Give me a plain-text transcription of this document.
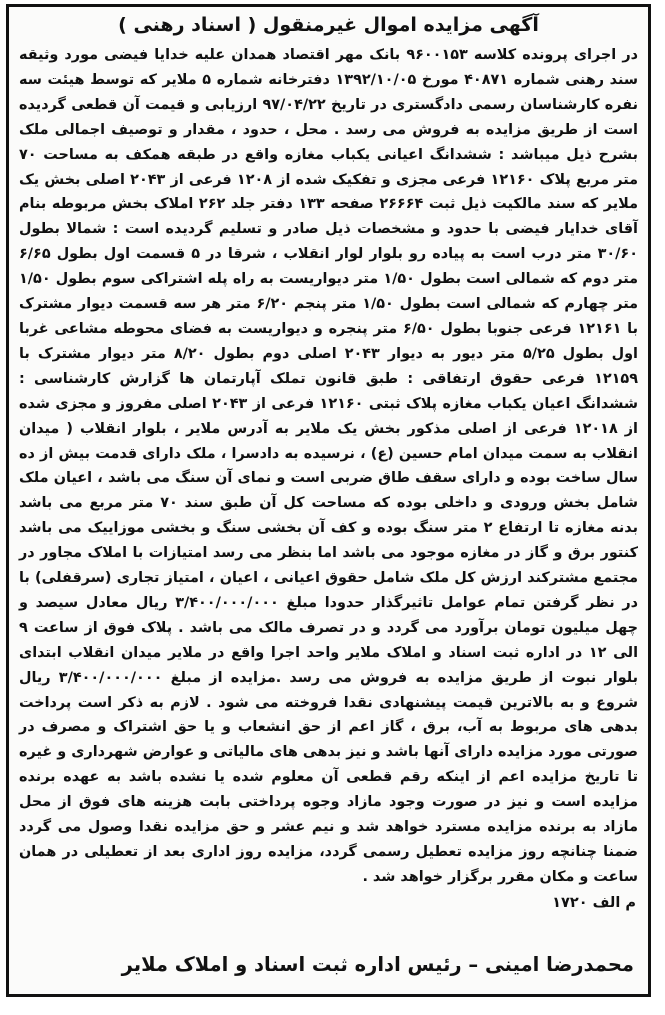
آگهی مزایده اموال غیرمنقول ( اسناد رهنی )
در اجرای پرونده کلاسه ۹۶۰۰۱۵۳ بانک مهر اقتصاد همدان علیه خدایا فیضی مورد وثیقه سند رهنی شماره ۴۰۸۷۱ مورخ ۱۳۹۲/۱۰/۰۵ دفترخانه شماره ۵ ملایر که توسط هیئت سه نفره کارشناسان رسمی دادگستری در تاریخ ۹۷/۰۴/۲۲ ارزیابی و قیمت آن قطعی گردیده است از طریق مزایده به فروش می رسد . محل ، حدود ، مقدار و توصیف اجمالی ملک بشرح ذیل میباشد : ششدانگ اعیانی یکباب مغازه واقع در طبقه همکف به مساحت ۷۰ متر مربع پلاک ۱۲۱۶۰ فرعی مجزی و تفکیک شده از ۱۲۰۸ فرعی از ۲۰۴۳ اصلی بخش یک ملایر که سند مالکیت ذیل ثبت ۲۶۶۶۴ صفحه ۱۳۳ دفتر جلد ۲۶۲ املاک بخش مربوطه بنام آقای خدایار فیضی با حدود و مشخصات ذیل صادر و تسلیم گردیده است : شمالا بطول ۳۰/۶۰ متر درب است به پیاده رو بلوار لوار انقلاب ، شرقا در ۵ قسمت اول بطول ۶/۶۵ متر دوم که شمالی است بطول ۱/۵۰ متر دیواریست به راه پله اشتراکی سوم بطول ۱/۵۰ متر چهارم که شمالی است بطول ۱/۵۰ متر پنجم ۶/۲۰ متر هر سه قسمت دیوار مشترک با ۱۲۱۶۱ فرعی جنوبا بطول ۶/۵۰ متر پنجره و دیواریست به فضای محوطه مشاعی غربا اول بطول ۵/۲۵ متر دیور به دیوار ۲۰۴۳ اصلی دوم بطول ۸/۲۰ متر دیوار مشترک با ۱۲۱۵۹ فرعی حقوق ارتفاقی : طبق قانون تملک آپارتمان ها گزارش کارشناسی : ششدانگ اعیان یکباب مغازه پلاک ثبتی ۱۲۱۶۰ فرعی از ۲۰۴۳ اصلی مفروز و مجزی شده از ۱۲۰۱۸ فرعی از اصلی مذکور بخش یک ملایر به آدرس ملایر ، بلوار انقلاب ( میدان انقلاب به سمت میدان امام حسین (ع) ، نرسیده به دادسرا ، ملک دارای قدمت بیش از ده سال ساخت بوده و دارای سقف طاق ضربی است و نمای آن سنگ می باشد ، اعیان ملک شامل بخش ورودی و داخلی بوده که مساحت کل آن طبق سند ۷۰ متر مربع می باشد بدنه مغازه تا ارتفاع ۲ متر سنگ بوده و کف آن بخشی سنگ و بخشی موزاییک می باشد کنتور برق و گاز در مغازه موجود می باشد اما بنظر می رسد امتیازات با املاک مجاور در مجتمع مشترکند ارزش کل ملک شامل حقوق اعیانی ، اعیان ، امتیاز تجاری (سرقفلی) با در نظر گرفتن تمام عوامل تاثیرگذار حدودا مبلغ ۳/۴۰۰/۰۰۰/۰۰۰ ریال معادل سیصد و چهل میلیون تومان برآورد می گردد و در تصرف مالک می باشد . پلاک فوق از ساعت ۹ الی ۱۲ در اداره ثبت اسناد و املاک ملایر واحد اجرا واقع در ملایر میدان انقلاب ابتدای بلوار نبوت از طریق مزایده به فروش می رسد .مزایده از مبلغ ۳/۴۰۰/۰۰۰/۰۰۰ ریال شروع و به بالاترین قیمت پیشنهادی نقدا فروخته می شود . لازم به ذکر است پرداخت بدهی های مربوط به آب، برق ، گاز اعم از حق انشعاب و یا حق اشتراک و مصرف در صورتی مورد مزایده دارای آنها باشد و نیز بدهی های مالیاتی و عوارض شهرداری و غیره تا تاریخ مزایده اعم از اینکه رقم قطعی آن معلوم شده یا نشده باشد به عهده برنده مزایده است و نیز در صورت وجود مازاد وجوه پرداختی بابت هزینه های فوق از محل مازاد به برنده مزایده مسترد خواهد شد و نیم عشر و حق مزایده نقدا وصول می گردد ضمنا چنانچه روز مزایده تعطیل رسمی گردد، مزایده روز اداری بعد از تعطیلی در همان ساعت و مکان مقرر برگزار خواهد شد .
م الف ۱۷۲۰
محمدرضا امینی – رئیس اداره ثبت اسناد و املاک ملایر
